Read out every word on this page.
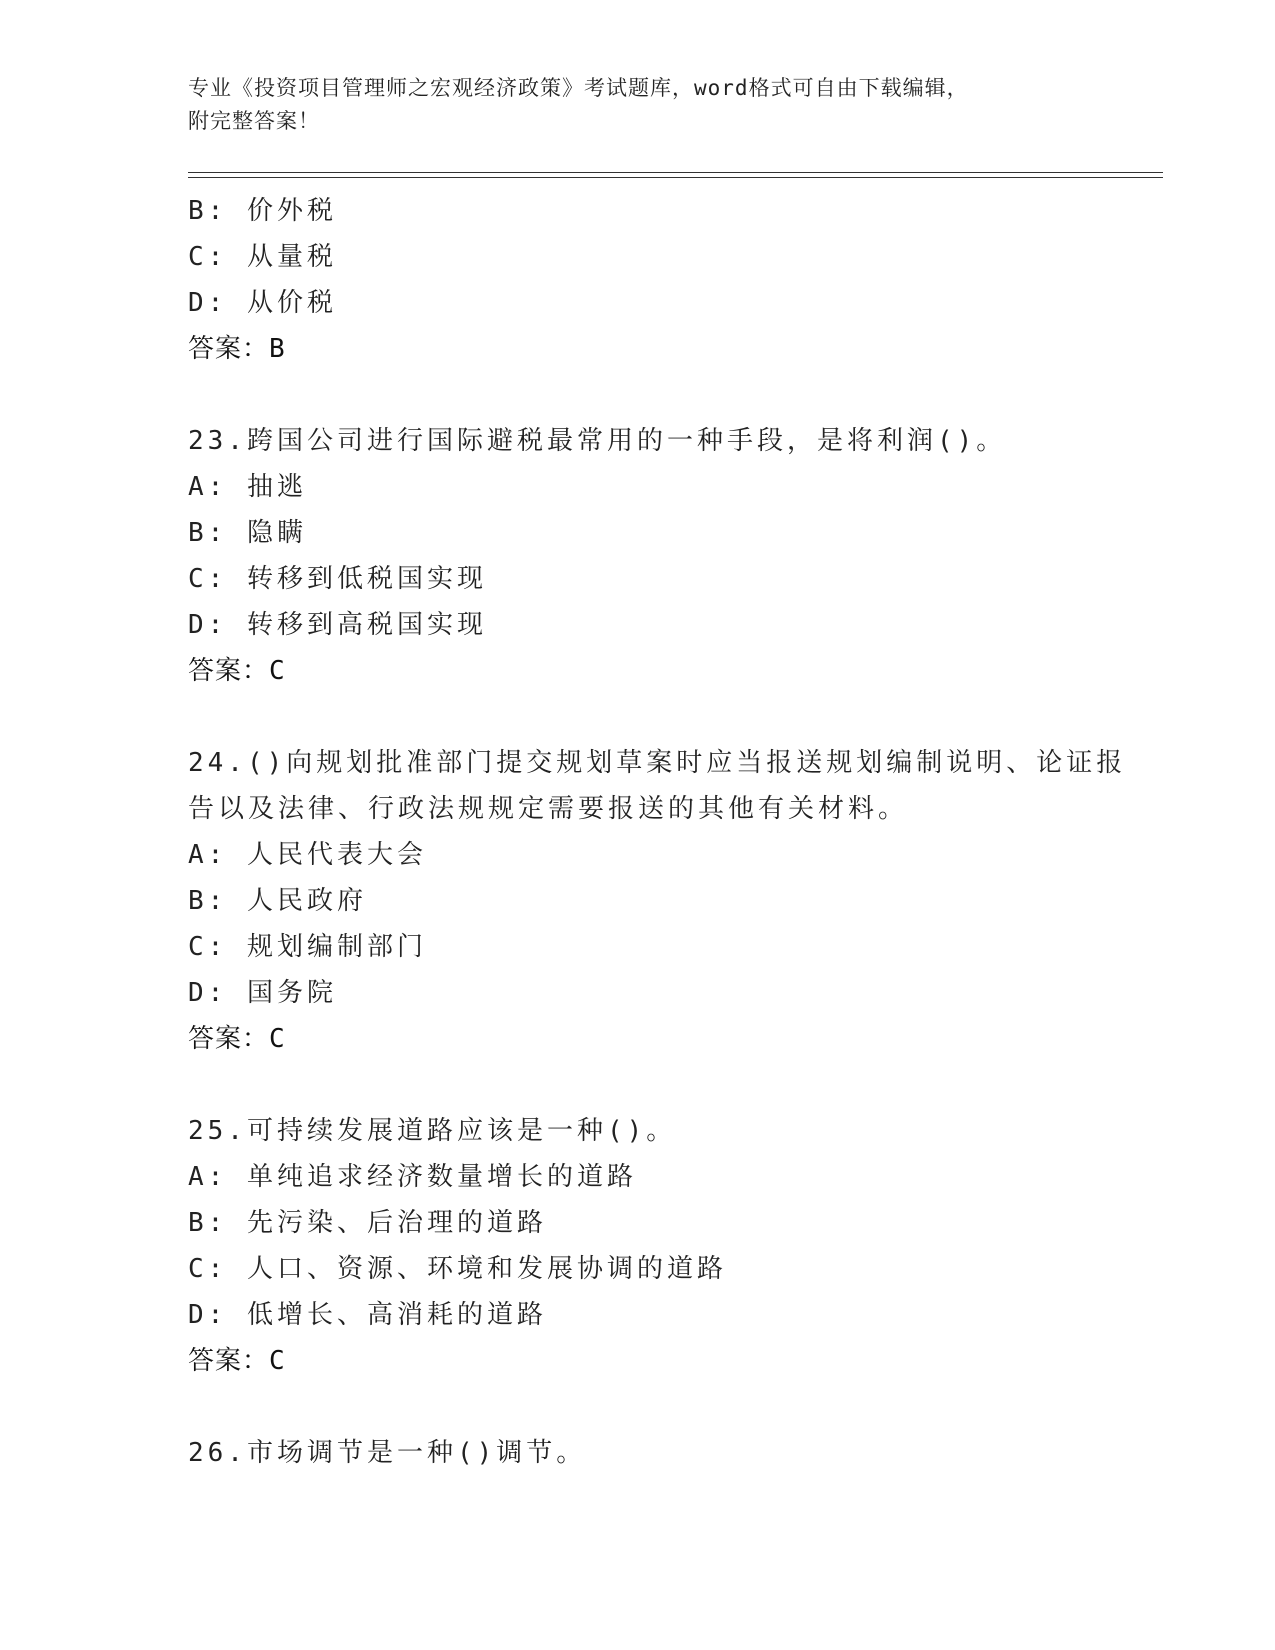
专业《投资项目管理师之宏观经济政策》考试题库，word格式可自由下载编辑，
附完整答案！
B: 价外税
C: 从量税
D: 从价税
答案：B
23.跨国公司进行国际避税最常用的一种手段，是将利润()。
A: 抽逃
B: 隐瞒
C: 转移到低税国实现
D: 转移到高税国实现
答案：C
24.()向规划批准部门提交规划草案时应当报送规划编制说明、论证报
告以及法律、行政法规规定需要报送的其他有关材料。
A: 人民代表大会
B: 人民政府
C: 规划编制部门
D: 国务院
答案：C
25.可持续发展道路应该是一种()。
A: 单纯追求经济数量增长的道路
B: 先污染、后治理的道路
C: 人口、资源、环境和发展协调的道路
D: 低增长、高消耗的道路
答案：C
26.市场调节是一种()调节。
